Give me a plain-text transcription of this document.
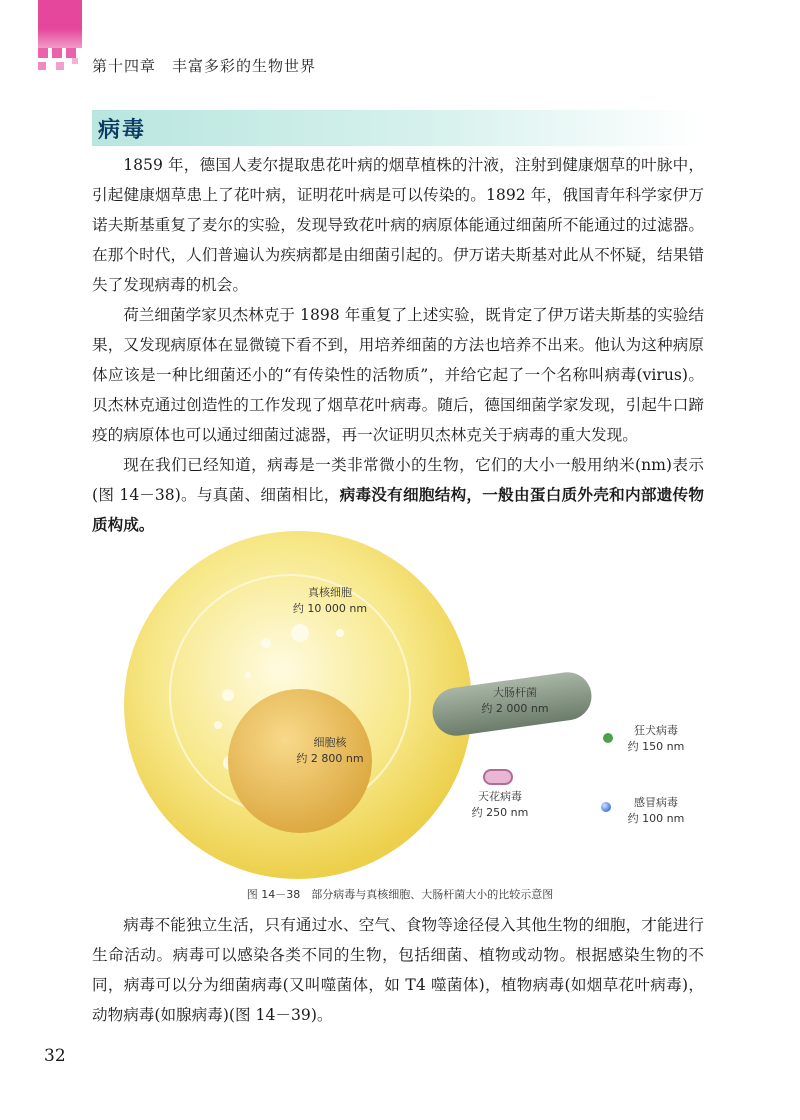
第十四章　丰富多彩的生物世界
病毒

1859 年，德国人麦尔提取患花叶病的烟草植株的汁液，注射到健康烟草的叶脉中，引起健康烟草患上了花叶病，证明花叶病是可以传染的。1892 年，俄国青年科学家伊万诺夫斯基重复了麦尔的实验，发现导致花叶病的病原体能通过细菌所不能通过的过滤器。在那个时代，人们普遍认为疾病都是由细菌引起的。伊万诺夫斯基对此从不怀疑，结果错失了发现病毒的机会。

荷兰细菌学家贝杰林克于 1898 年重复了上述实验，既肯定了伊万诺夫斯基的实验结果，又发现病原体在显微镜下看不到，用培养细菌的方法也培养不出来。他认为这种病原体应该是一种比细菌还小的“有传染性的活物质”，并给它起了一个名称叫病毒(virus)。贝杰林克通过创造性的工作发现了烟草花叶病毒。随后，德国细菌学家发现，引起牛口蹄疫的病原体也可以通过细菌过滤器，再一次证明贝杰林克关于病毒的重大发现。

现在我们已经知道，病毒是一类非常微小的生物，它们的大小一般用纳米(nm)表示(图 14－38)。与真菌、细菌相比，病毒没有细胞结构，一般由蛋白质外壳和内部遗传物质构成。

真核细胞
约 10 000 nm
细胞核
约 2 800 nm
大肠杆菌
约 2 000 nm
天花病毒
约 250 nm
狂犬病毒
约 150 nm
感冒病毒
约 100 nm
图 14－38　部分病毒与真核细胞、大肠杆菌大小的比较示意图

病毒不能独立生活，只有通过水、空气、食物等途径侵入其他生物的细胞，才能进行生命活动。病毒可以感染各类不同的生物，包括细菌、植物或动物。根据感染生物的不同，病毒可以分为细菌病毒(又叫噬菌体，如 T4 噬菌体)，植物病毒(如烟草花叶病毒)，动物病毒(如腺病毒)(图 14－39)。

32
